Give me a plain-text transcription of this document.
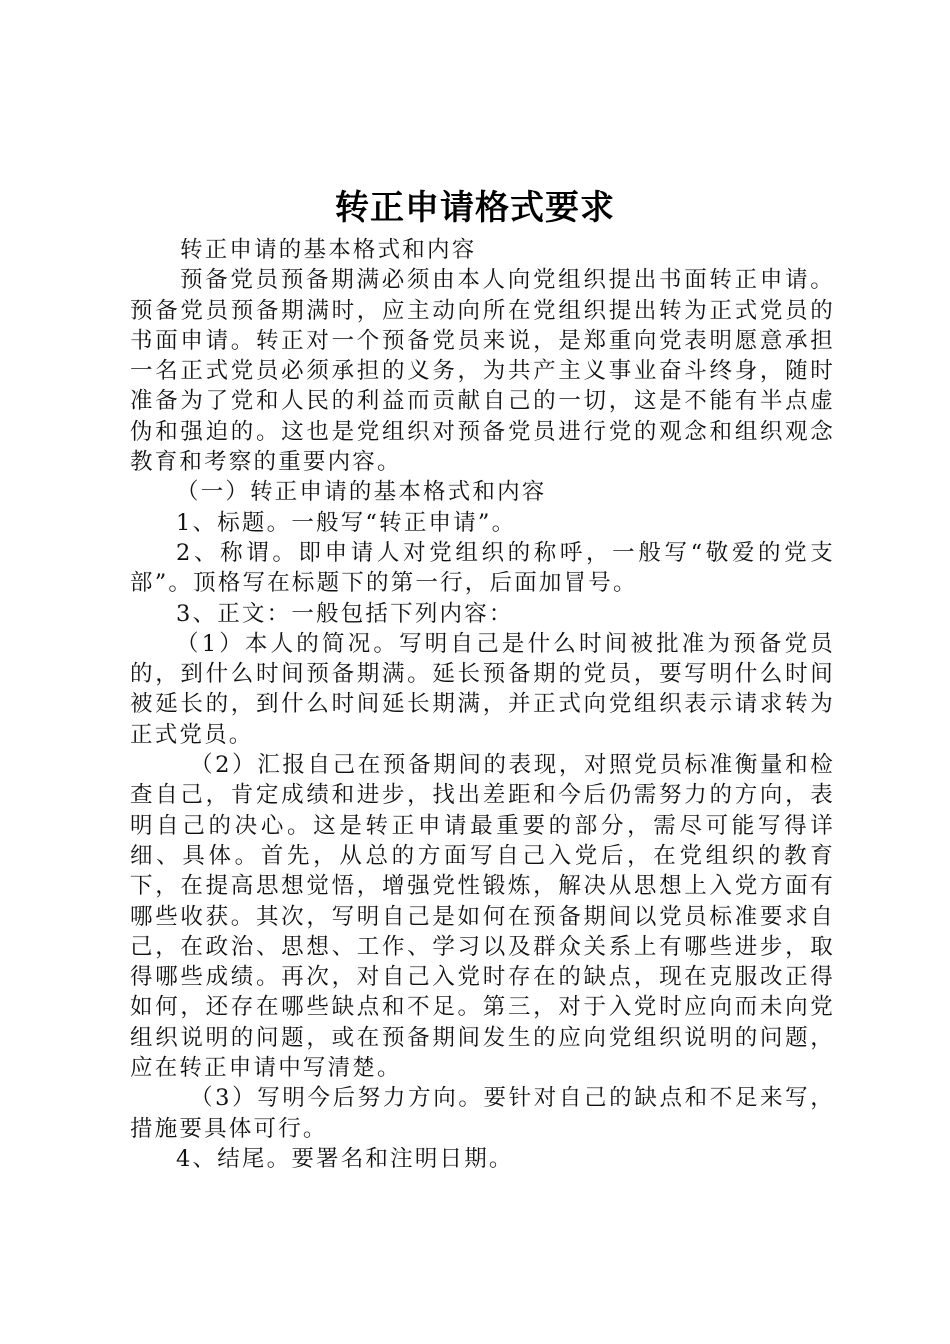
转正申请格式要求

转正申请的基本格式和内容

预备党员预备期满必须由本人向党组织提出书面转正申请。预备党员预备期满时，应主动向所在党组织提出转为正式党员的书面申请。转正对一个预备党员来说，是郑重向党表明愿意承担一名正式党员必须承担的义务，为共产主义事业奋斗终身，随时准备为了党和人民的利益而贡献自己的一切，这是不能有半点虚伪和强迫的。这也是党组织对预备党员进行党的观念和组织观念教育和考察的重要内容。

（一）转正申请的基本格式和内容

1、标题。一般写“转正申请”。

2、称谓。即申请人对党组织的称呼，一般写“敬爱的党支部”。顶格写在标题下的第一行，后面加冒号。

3、正文：一般包括下列内容：

（1）本人的简况。写明自己是什么时间被批准为预备党员的，到什么时间预备期满。延长预备期的党员，要写明什么时间被延长的，到什么时间延长期满，并正式向党组织表示请求转为正式党员。

（2）汇报自己在预备期间的表现，对照党员标准衡量和检查自己，肯定成绩和进步，找出差距和今后仍需努力的方向，表明自己的决心。这是转正申请最重要的部分，需尽可能写得详细、具体。首先，从总的方面写自己入党后，在党组织的教育下，在提高思想觉悟，增强党性锻炼，解决从思想上入党方面有哪些收获。其次，写明自己是如何在预备期间以党员标准要求自己，在政治、思想、工作、学习以及群众关系上有哪些进步，取得哪些成绩。再次，对自己入党时存在的缺点，现在克服改正得如何，还存在哪些缺点和不足。第三，对于入党时应向而未向党组织说明的问题，或在预备期间发生的应向党组织说明的问题，应在转正申请中写清楚。

（3）写明今后努力方向。要针对自己的缺点和不足来写，措施要具体可行。

4、结尾。要署名和注明日期。
